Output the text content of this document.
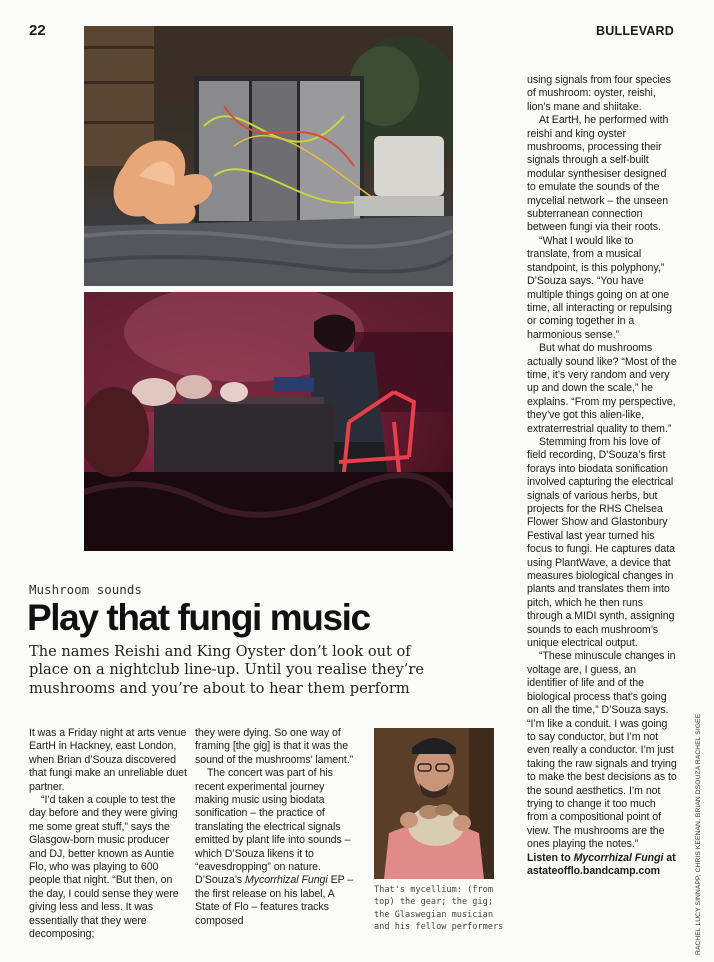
22	BULLEVARD
Mushroom sounds
Play that fungi music
The names Reishi and King Oyster don’t look out of place on a nightclub line-up. Until you realise they’re mushrooms and you’re about to hear them perform

It was a Friday night at arts venue EartH in Hackney, east London, when Brian d’Souza discovered that fungi make an unreliable duet partner.

“I’d taken a couple to test the day before and they were giving me some great stuff,” says the Glasgow-born music producer and DJ, better known as Auntie Flo, who was playing to 600 people that night. “But then, on the day, I could sense they were giving less and less. It was essentially that they were decomposing;

they were dying. So one way of framing [the gig] is that it was the sound of the mushrooms’ lament.”

The concert was part of his recent experimental journey making music using biodata sonification – the practice of translating the electrical signals emitted by plant life into sounds – which D’Souza likens it to “eavesdropping” on nature. D’Souza’s Mycorrhizal Fungi EP – the first release on his label, A State of Flo – features tracks composed

That's mycellium: (from top) the gear; the gig; the Glaswegian musician and his fellow performers

using signals from four species of mushroom: oyster, reishi, lion’s mane and shiitake.

At EartH, he performed with reishi and king oyster mushrooms, processing their signals through a self-built modular synthesiser designed to emulate the sounds of the mycelial network – the unseen subterranean connection between fungi via their roots.

“What I would like to translate, from a musical standpoint, is this polyphony,” D’Souza says. “You have multiple things going on at one time, all interacting or repulsing or coming together in a harmonious sense.”

But what do mushrooms actually sound like? “Most of the time, it’s very random and very up and down the scale,” he explains. “From my perspective, they’ve got this alien-like, extraterrestrial quality to them.”

Stemming from his love of field recording, D’Souza’s first forays into biodata sonification involved capturing the electrical signals of various herbs, but projects for the RHS Chelsea Flower Show and Glastonbury Festival last year turned his focus to fungi. He captures data using PlantWave, a device that measures biological changes in plants and translates them into pitch, which he then runs through a MIDI synth, assigning sounds to each mushroom’s unique electrical output.

“These minuscule changes in voltage are, I guess, an identifier of life and of the biological process that’s going on all the time,” D’Souza says. “I’m like a conduit. I was going to say conductor, but I’m not even really a conductor. I’m just taking the raw signals and trying to make the best decisions as to the sound aesthetics. I’m not trying to change it too much from a compositional point of view. The mushrooms are the ones playing the notes.”

Listen to Mycorrhizal Fungi at astateofflo.bandcamp.com	RACHEL LUCY SINNAPP, CHRIS KEENAN, BRIAN DSOUZA RACHEL SIGEE
